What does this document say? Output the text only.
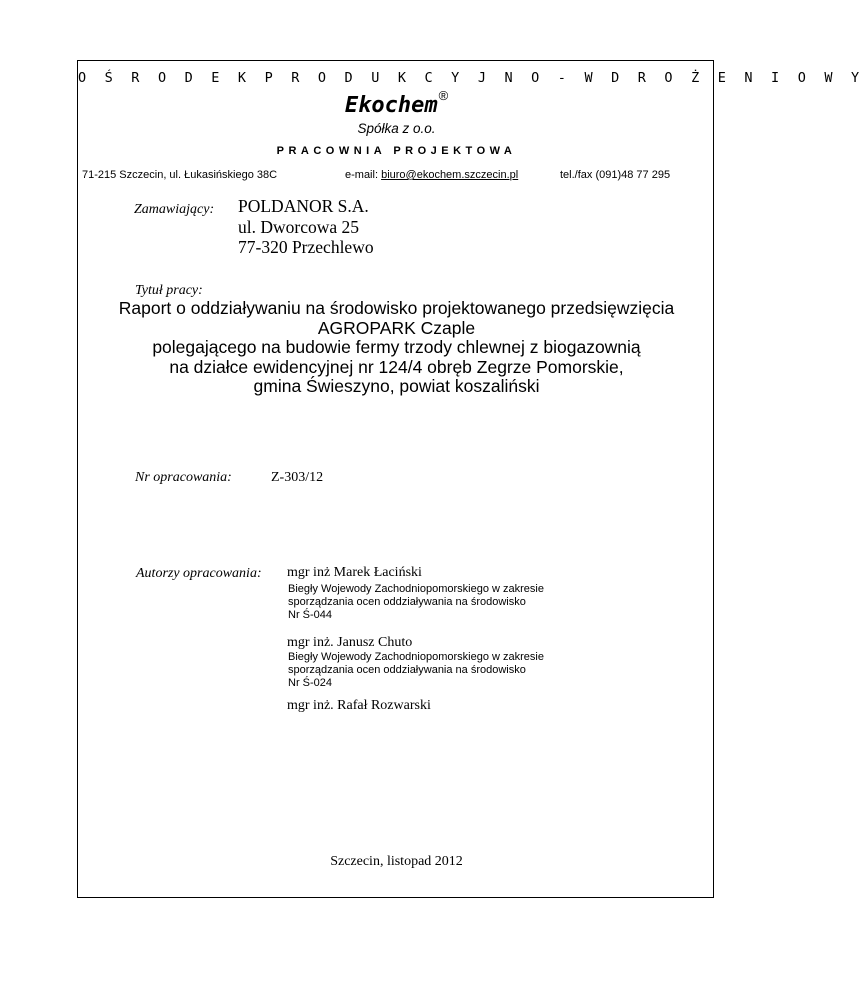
O Ś R O D E K P R O D U K C Y J N O - W D R O Ż E N I O W Y
Ekochem®
Spółka z o.o.
PRACOWNIA PROJEKTOWA
71-215 Szczecin, ul. Łukasińskiego 38C	e-mail: biuro@ekochem.szczecin.pl	tel./fax (091)48 77 295
Zamawiający: POLDANOR S.A.
ul. Dworcowa 25
77-320 Przechlewo
Tytuł pracy:
Raport o oddziaływaniu na środowisko projektowanego przedsięwzięcia
AGROPARK Czaple
polegającego na budowie fermy trzody chlewnej z biogazownią
na działce ewidencyjnej nr 124/4 obręb Zegrze Pomorskie,
gmina Świeszyno, powiat koszaliński
Nr opracowania:	Z-303/12
Autorzy opracowania: mgr inż Marek Łaciński
Biegły Wojewody Zachodniopomorskiego w zakresie
sporządzania ocen oddziaływania na środowisko
Nr Ś-044
mgr inż. Janusz Chuto
Biegły Wojewody Zachodniopomorskiego w zakresie
sporządzania ocen oddziaływania na środowisko
Nr Ś-024
mgr inż. Rafał Rozwarski
Szczecin, listopad 2012
